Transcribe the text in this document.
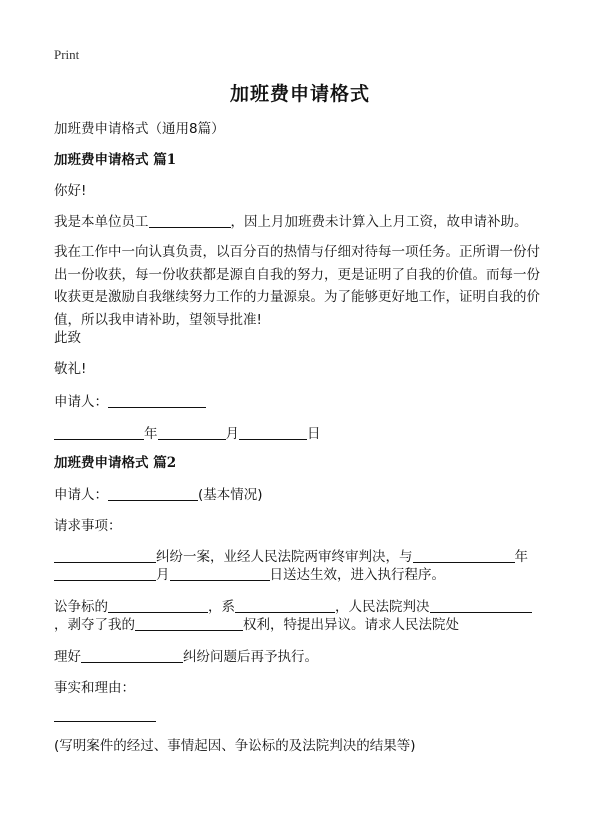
Print
加班费申请格式
加班费申请格式（通用8篇）
加班费申请格式 篇1
你好!
我是本单位员工	，因上月加班费未计算入上月工资，故申请补助。
我在工作中一向认真负责，以百分百的热情与仔细对待每一项任务。正所谓一份付出一份收获，每一份收获都是源自自我的努力，更是证明了自我的价值。而每一份收获更是激励自我继续努力工作的力量源泉。为了能够更好地工作，证明自我的价值，所以我申请补助，望领导批准!
此致
敬礼!
申请人：
年	月	日
加班费申请格式 篇2
申请人：	(基本情况)
请求事项：
纠纷一案，业经人民法院两审终审判决，与	年
月	日送达生效，进入执行程序。
讼争标的	，系	，人民法院判决
，剥夺了我的	权利，特提出异议。请求人民法院处
理好	纠纷问题后再予执行。
事实和理由：
(写明案件的经过、事情起因、争讼标的及法院判决的结果等)
